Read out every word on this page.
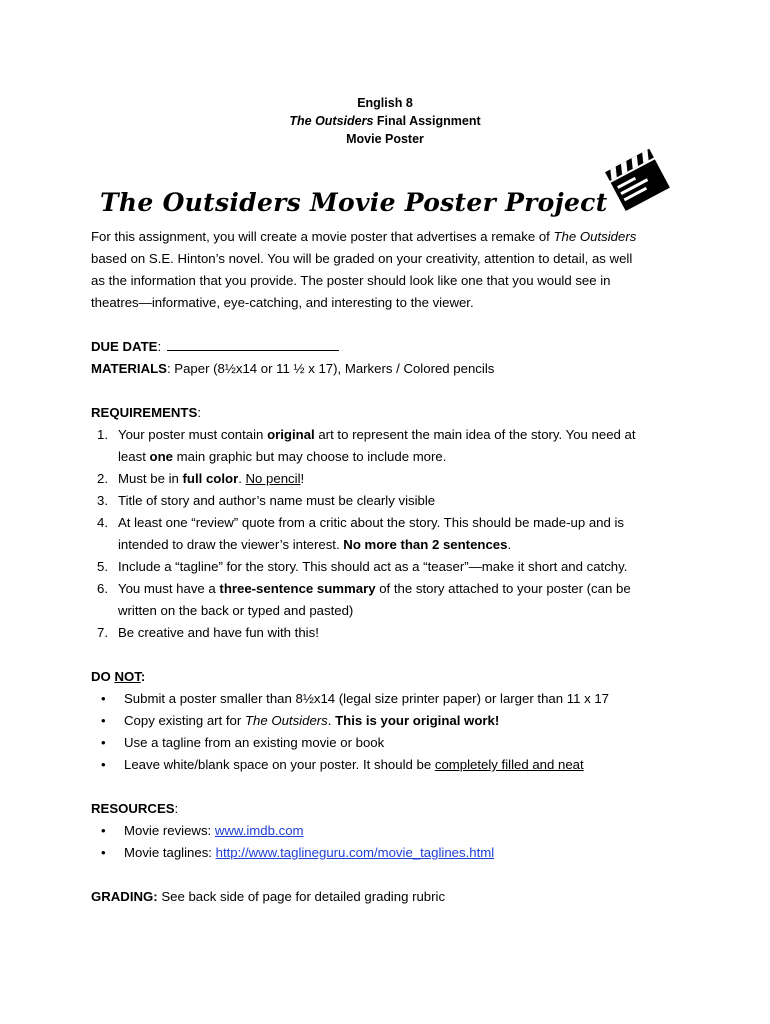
English 8
The Outsiders Final Assignment
Movie Poster
The Outsiders Movie Poster Project
For this assignment, you will create a movie poster that advertises a remake of The Outsiders
based on S.E. Hinton’s novel. You will be graded on your creativity, attention to detail, as well
as the information that you provide. The poster should look like one that you would see in
theatres—informative, eye-catching, and interesting to the viewer.
DUE DATE:
MATERIALS: Paper (8½x14 or 11 ½ x 17), Markers / Colored pencils
REQUIREMENTS:
1. Your poster must contain original art to represent the main idea of the story. You need at
least one main graphic but may choose to include more.
2. Must be in full color. No pencil!
3. Title of story and author’s name must be clearly visible
4. At least one “review” quote from a critic about the story. This should be made-up and is
intended to draw the viewer’s interest. No more than 2 sentences.
5. Include a “tagline” for the story. This should act as a “teaser”—make it short and catchy.
6. You must have a three-sentence summary of the story attached to your poster (can be
written on the back or typed and pasted)
7. Be creative and have fun with this!
DO NOT:
• Submit a poster smaller than 8½x14 (legal size printer paper) or larger than 11 x 17
• Copy existing art for The Outsiders. This is your original work!
• Use a tagline from an existing movie or book
• Leave white/blank space on your poster. It should be completely filled and neat
RESOURCES:
• Movie reviews: www.imdb.com
• Movie taglines: http://www.taglineguru.com/movie_taglines.html
GRADING: See back side of page for detailed grading rubric
